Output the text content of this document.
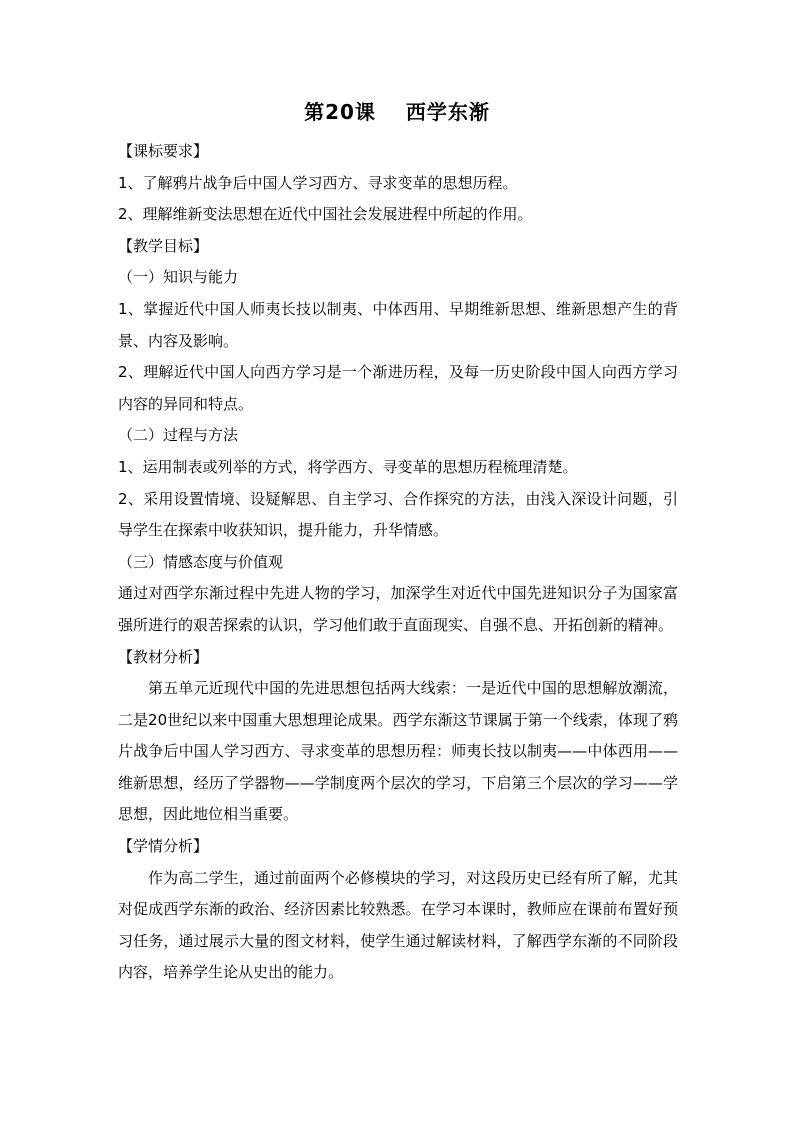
第20课 西学东渐

【课标要求】

1、了解鸦片战争后中国人学习西方、寻求变革的思想历程。

2、理解维新变法思想在近代中国社会发展进程中所起的作用。

【教学目标】

（一）知识与能力

1、掌握近代中国人师夷长技以制夷、中体西用、早期维新思想、维新思想产生的背景、内容及影响。

2、理解近代中国人向西方学习是一个渐进历程，及每一历史阶段中国人向西方学习内容的异同和特点。

（二）过程与方法

1、运用制表或列举的方式，将学西方、寻变革的思想历程梳理清楚。

2、采用设置情境、设疑解思、自主学习、合作探究的方法，由浅入深设计问题，引导学生在探索中收获知识，提升能力，升华情感。

（三）情感态度与价值观

通过对西学东渐过程中先进人物的学习，加深学生对近代中国先进知识分子为国家富强所进行的艰苦探索的认识，学习他们敢于直面现实、自强不息、开拓创新的精神。

【教材分析】

第五单元近现代中国的先进思想包括两大线索：一是近代中国的思想解放潮流，二是20世纪以来中国重大思想理论成果。西学东渐这节课属于第一个线索，体现了鸦片战争后中国人学习西方、寻求变革的思想历程：师夷长技以制夷——中体西用——维新思想，经历了学器物——学制度两个层次的学习，下启第三个层次的学习——学思想，因此地位相当重要。

【学情分析】

作为高二学生，通过前面两个必修模块的学习，对这段历史已经有所了解，尤其对促成西学东渐的政治、经济因素比较熟悉。在学习本课时，教师应在课前布置好预习任务，通过展示大量的图文材料，使学生通过解读材料，了解西学东渐的不同阶段内容，培养学生论从史出的能力。
